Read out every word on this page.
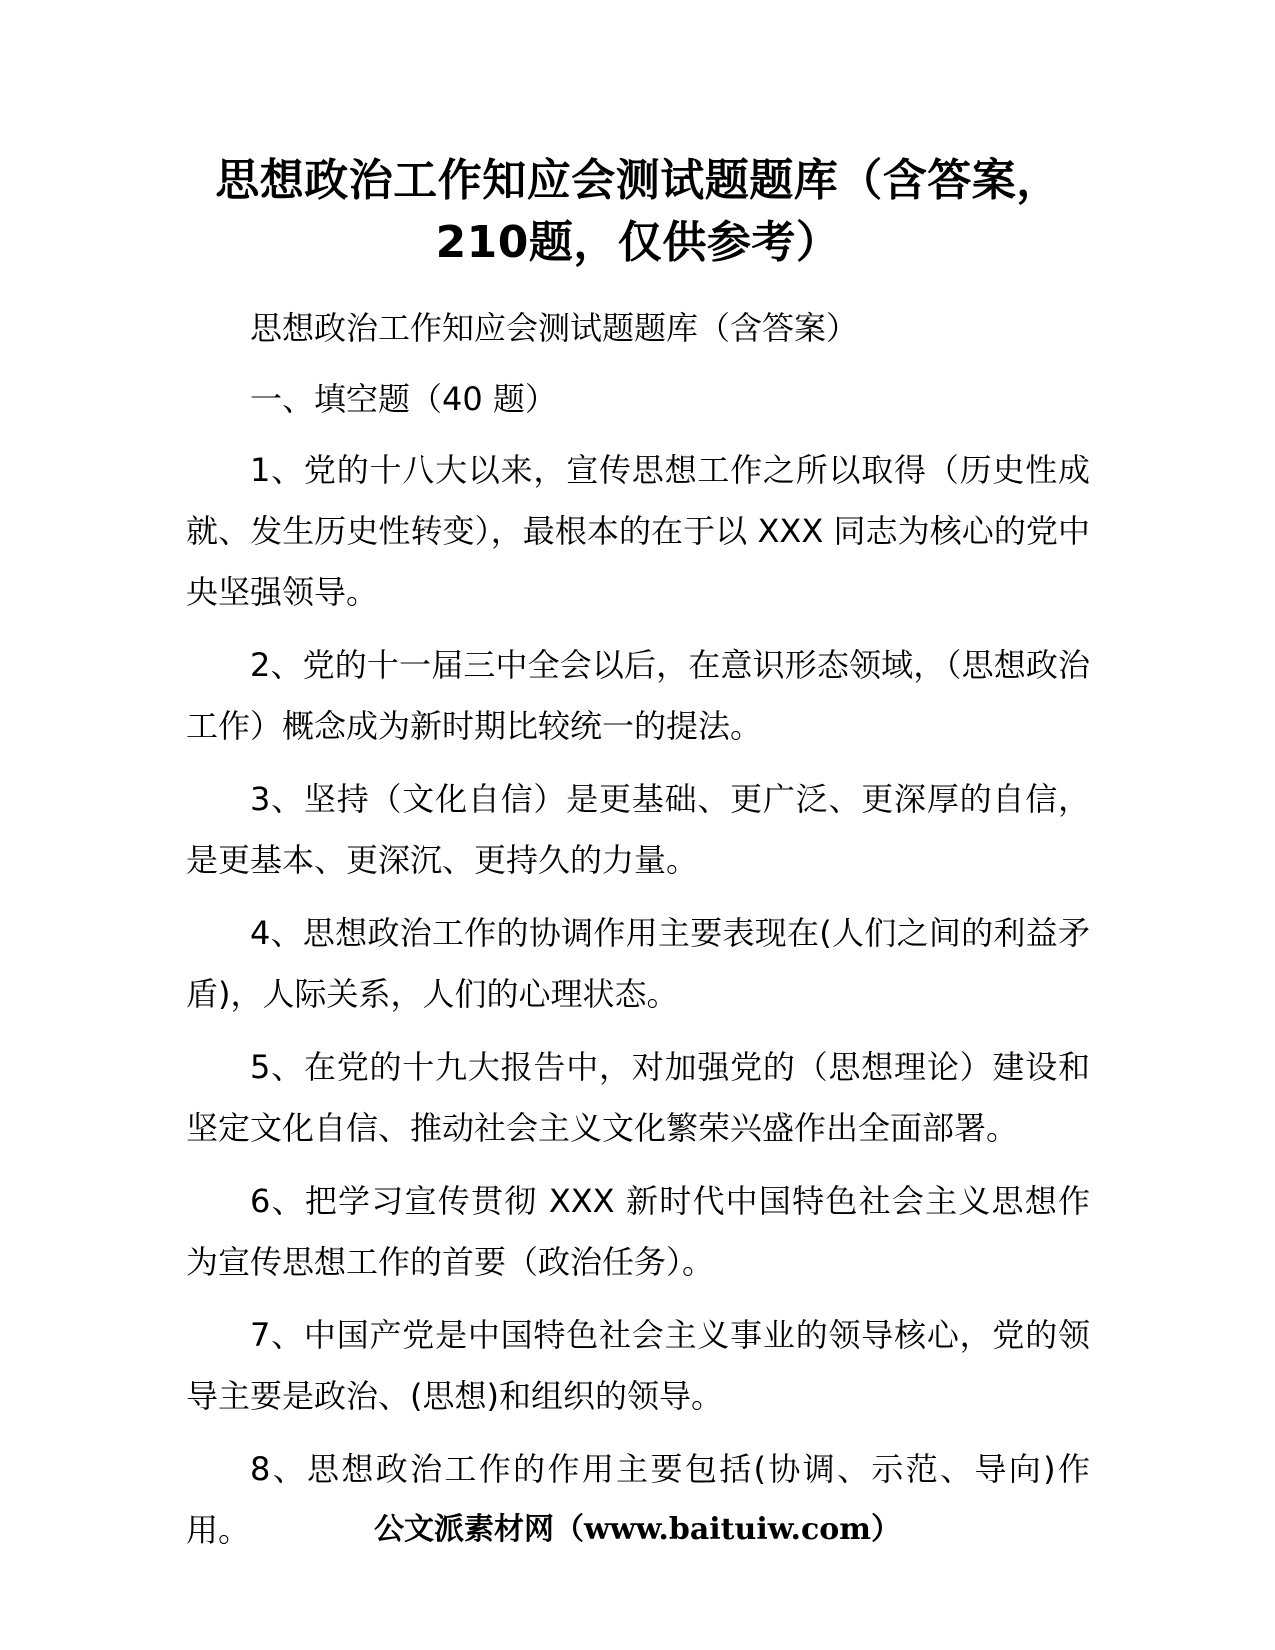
思想政治工作知应会测试题题库（含答案，210题，仅供参考）

思想政治工作知应会测试题题库（含答案）

一、填空题（40 题）

1、党的十八大以来，宣传思想工作之所以取得（历史性成就、发生历史性转变），最根本的在于以 XXX 同志为核心的党中央坚强领导。

2、党的十一届三中全会以后，在意识形态领域，（思想政治工作）概念成为新时期比较统一的提法。

3、坚持（文化自信）是更基础、更广泛、更深厚的自信，是更基本、更深沉、更持久的力量。

4、思想政治工作的协调作用主要表现在(人们之间的利益矛盾)，人际关系，人们的心理状态。

5、在党的十九大报告中，对加强党的（思想理论）建设和坚定文化自信、推动社会主义文化繁荣兴盛作出全面部署。

6、把学习宣传贯彻 XXX 新时代中国特色社会主义思想作为宣传思想工作的首要（政治任务）。

7、中国产党是中国特色社会主义事业的领导核心，党的领导主要是政治、(思想)和组织的领导。

8、思想政治工作的作用主要包括(协调、示范、导向)作用。	公文派素材网（www.baituiw.com）
